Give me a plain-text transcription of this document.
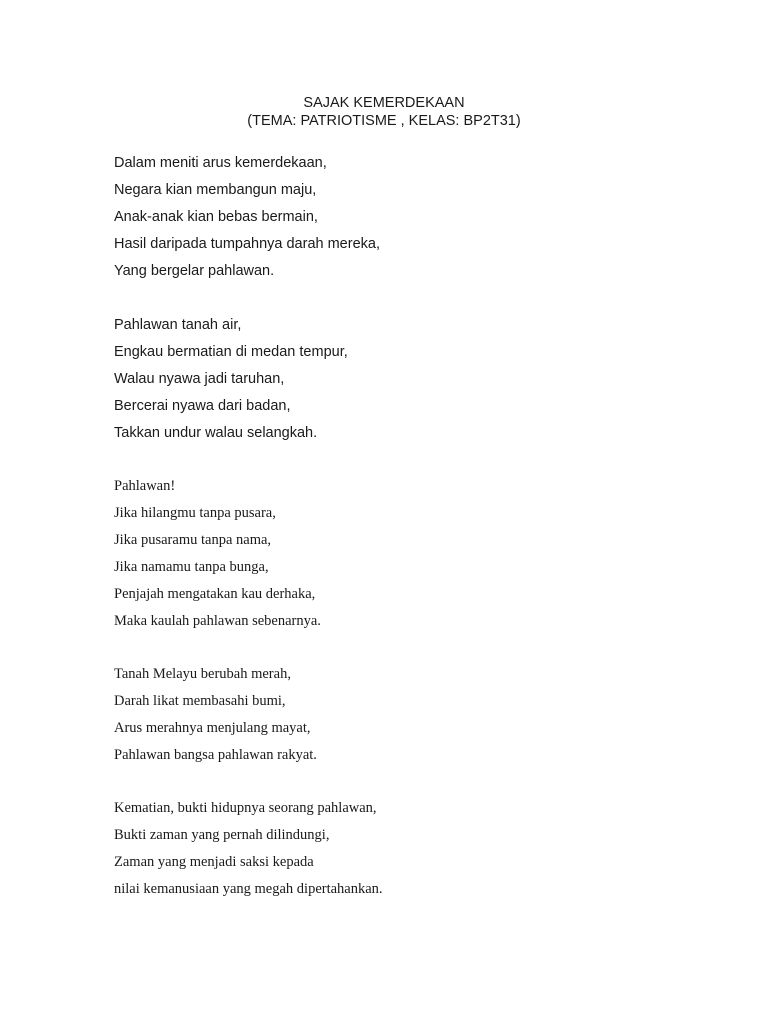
SAJAK KEMERDEKAAN
(TEMA: PATRIOTISME , KELAS: BP2T31)
Dalam meniti arus kemerdekaan,
Negara kian membangun maju,
Anak-anak kian bebas bermain,
Hasil daripada tumpahnya darah mereka,
Yang bergelar pahlawan.
Pahlawan tanah air,
Engkau bermatian di medan tempur,
Walau nyawa jadi taruhan,
Bercerai nyawa dari badan,
Takkan undur walau selangkah.
Pahlawan!
Jika hilangmu tanpa pusara,
Jika pusaramu tanpa nama,
Jika namamu tanpa bunga,
Penjajah mengatakan kau derhaka,
Maka kaulah pahlawan sebenarnya.
Tanah Melayu berubah merah,
Darah likat membasahi bumi,
Arus merahnya menjulang mayat,
Pahlawan bangsa pahlawan rakyat.
Kematian, bukti hidupnya seorang pahlawan,
Bukti zaman yang pernah dilindungi,
Zaman yang menjadi saksi kepada
nilai kemanusiaan yang megah dipertahankan.
